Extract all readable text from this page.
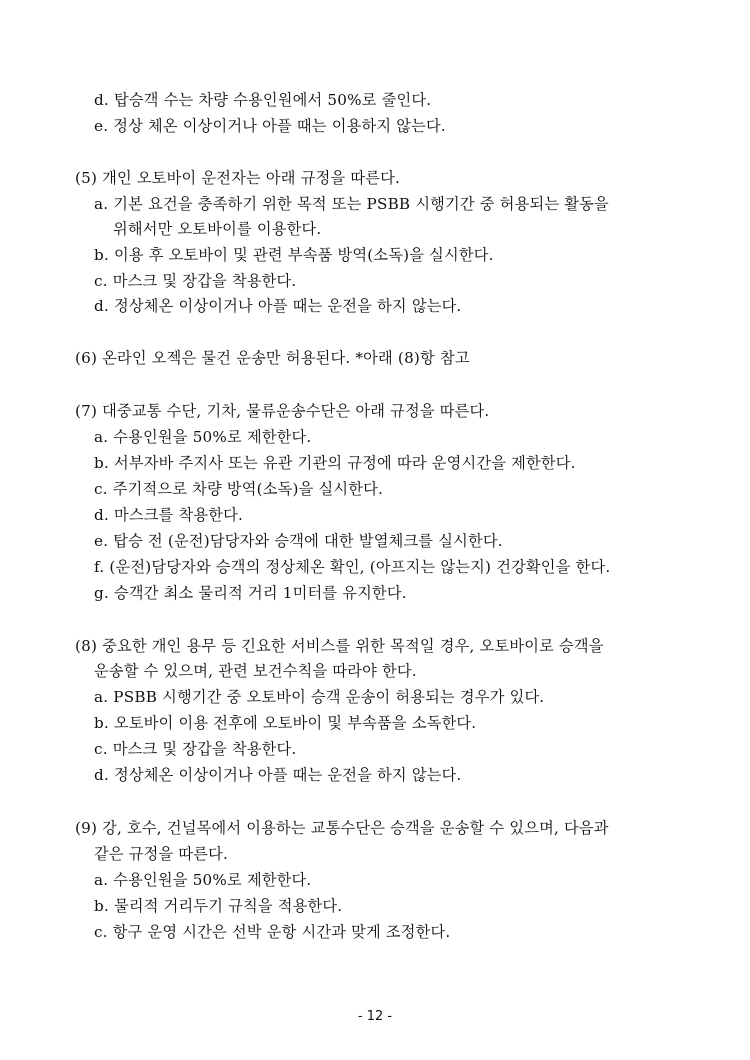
d. 탑승객 수는 차량 수용인원에서 50%로 줄인다.
e. 정상 체온 이상이거나 아플 때는 이용하지 않는다.
(5) 개인 오토바이 운전자는 아래 규정을 따른다.
a. 기본 요건을 충족하기 위한 목적 또는 PSBB 시행기간 중 허용되는 활동을
위해서만 오토바이를 이용한다.
b. 이용 후 오토바이 및 관련 부속품 방역(소독)을 실시한다.
c. 마스크 및 장갑을 착용한다.
d. 정상체온 이상이거나 아플 때는 운전을 하지 않는다.
(6) 온라인 오젝은 물건 운송만 허용된다. *아래 (8)항 참고
(7) 대중교통 수단, 기차, 물류운송수단은 아래 규정을 따른다.
a. 수용인원을 50%로 제한한다.
b. 서부자바 주지사 또는 유관 기관의 규정에 따라 운영시간을 제한한다.
c. 주기적으로 차량 방역(소독)을 실시한다.
d. 마스크를 착용한다.
e. 탑승 전 (운전)담당자와 승객에 대한 발열체크를 실시한다.
f. (운전)담당자와 승객의 정상체온 확인, (아프지는 않는지) 건강확인을 한다.
g. 승객간 최소 물리적 거리 1미터를 유지한다.
(8) 중요한 개인 용무 등 긴요한 서비스를 위한 목적일 경우, 오토바이로 승객을
운송할 수 있으며, 관련 보건수칙을 따라야 한다.
a. PSBB 시행기간 중 오토바이 승객 운송이 허용되는 경우가 있다.
b. 오토바이 이용 전후에 오토바이 및 부속품을 소독한다.
c. 마스크 및 장갑을 착용한다.
d. 정상체온 이상이거나 아플 때는 운전을 하지 않는다.
(9) 강, 호수, 건널목에서 이용하는 교통수단은 승객을 운송할 수 있으며, 다음과
같은 규정을 따른다.
a. 수용인원을 50%로 제한한다.
b. 물리적 거리두기 규칙을 적용한다.
c. 항구 운영 시간은 선박 운항 시간과 맞게 조정한다.
- 12 -
